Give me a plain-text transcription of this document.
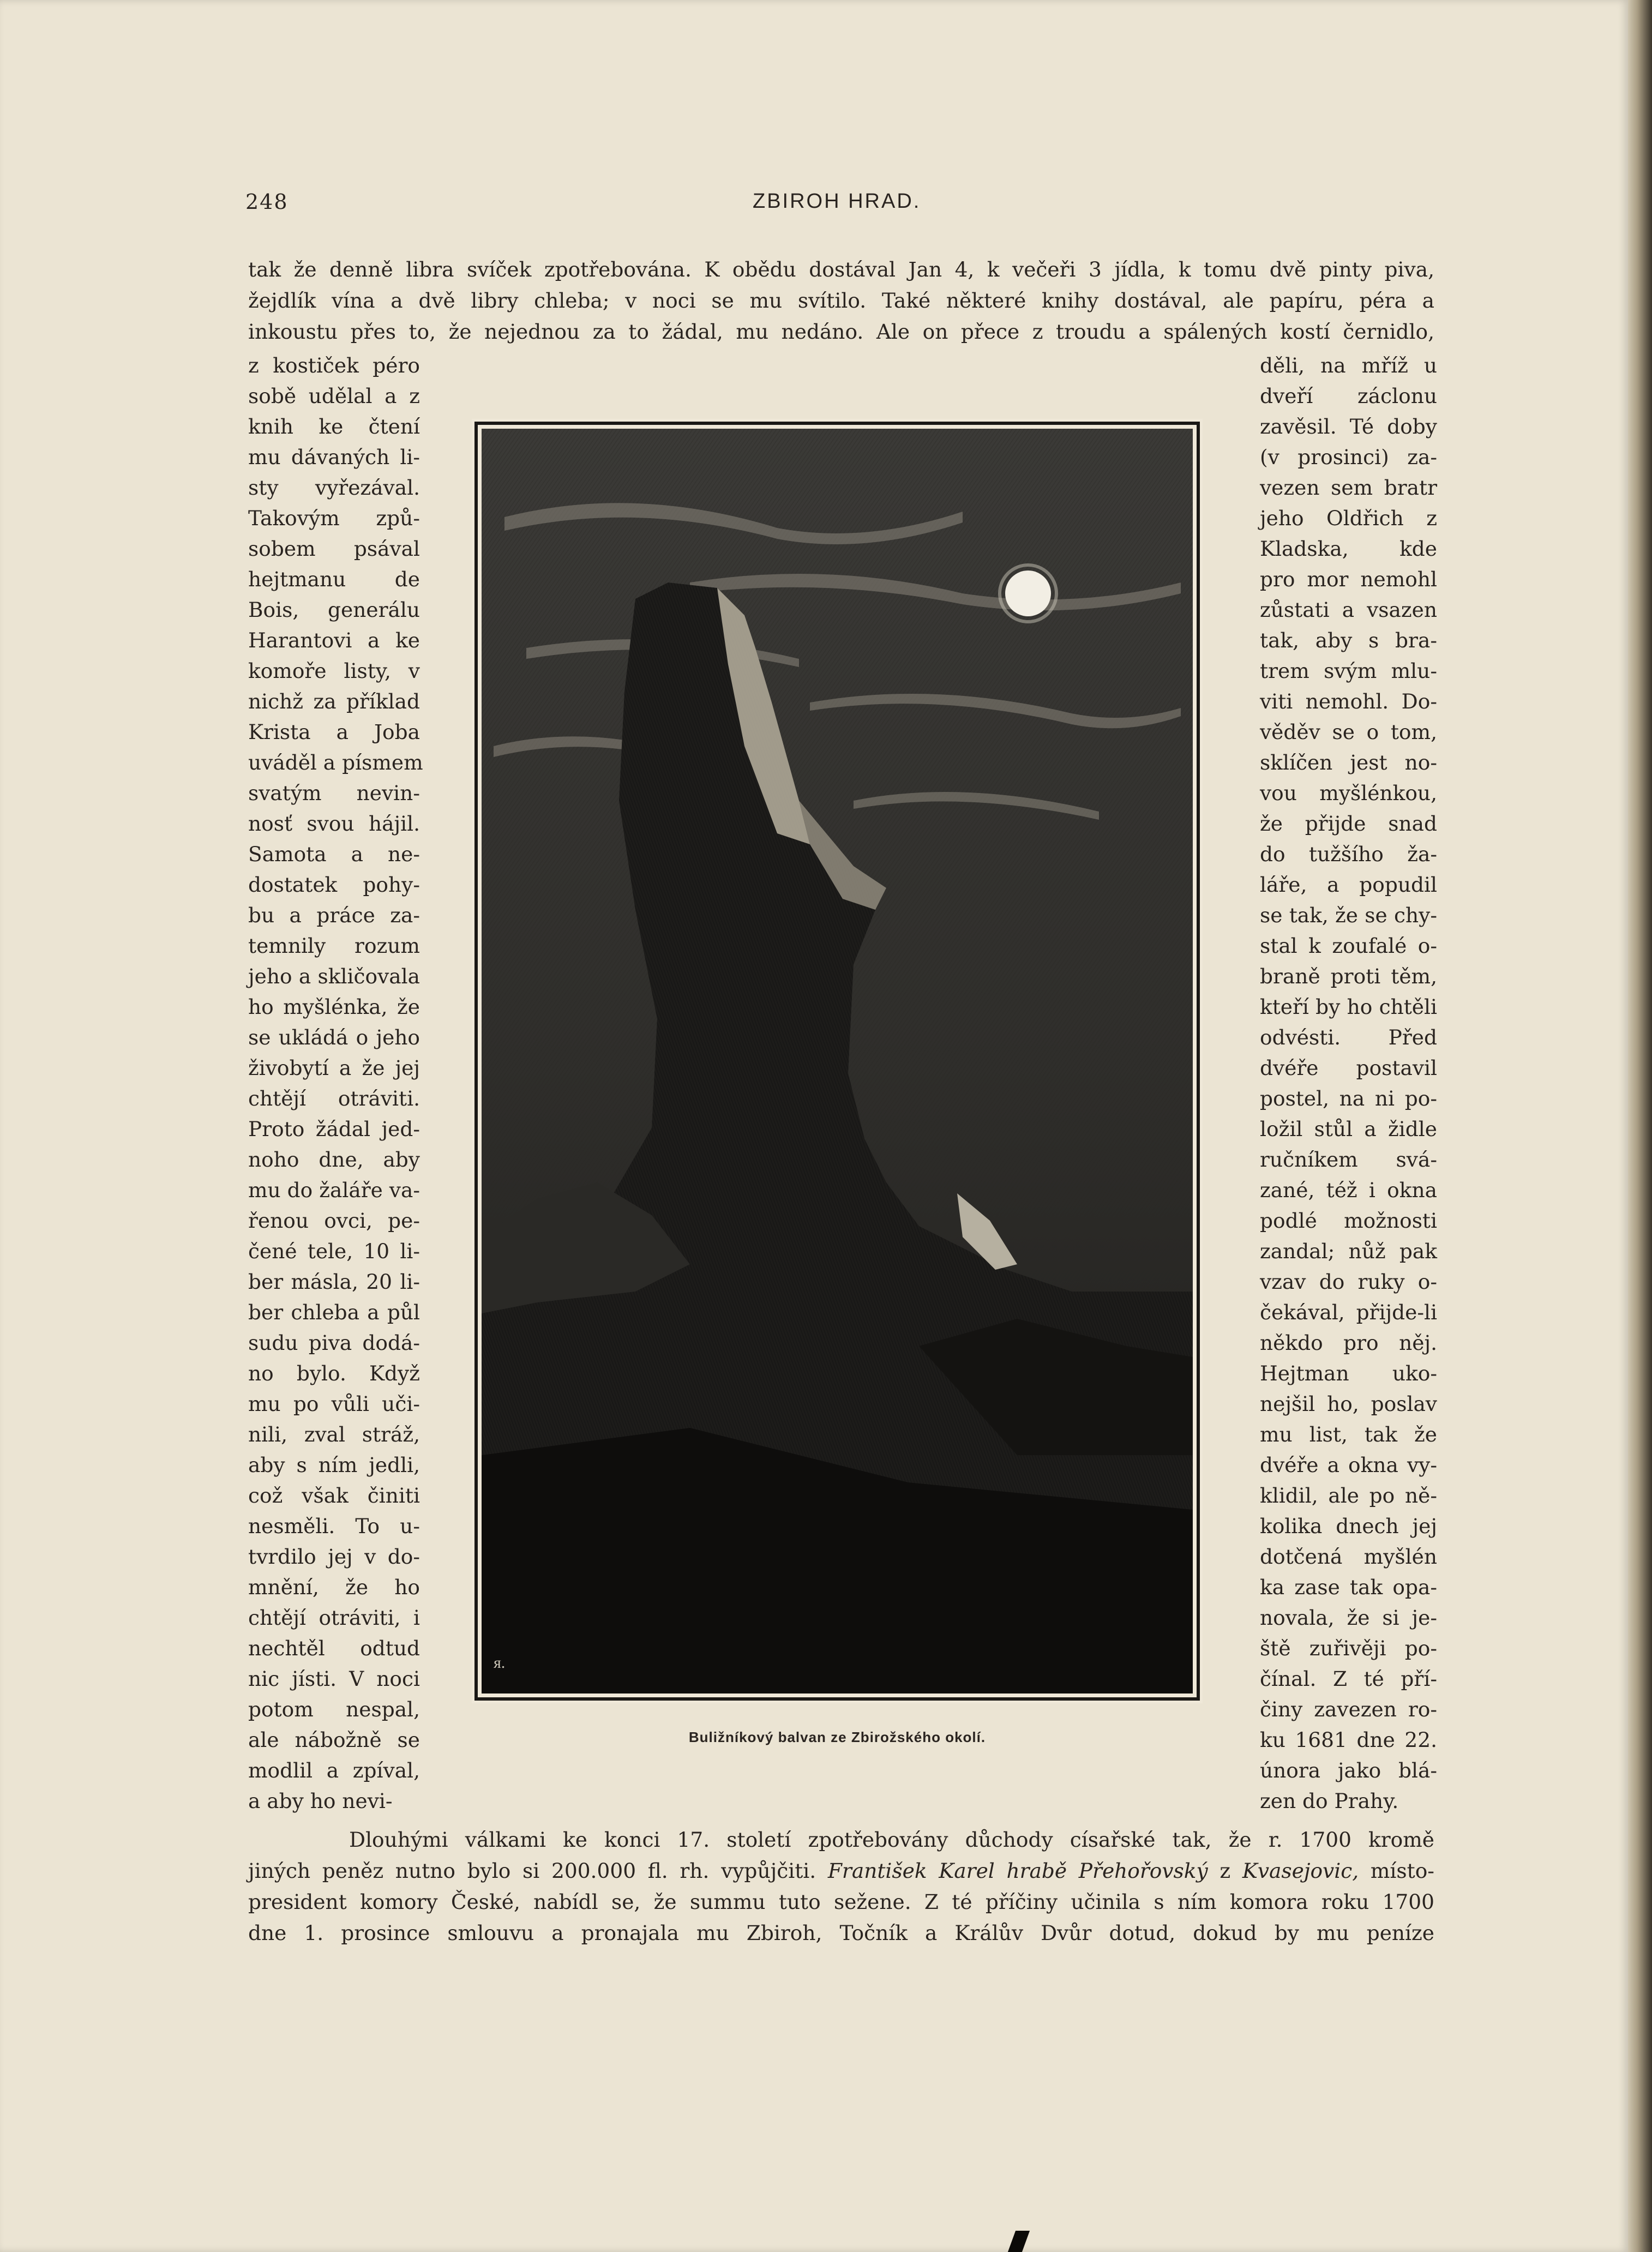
248	ZBIROH HRAD.
tak že denně libra svíček zpotřebována. K obědu dostával Jan 4, k večeři 3 jídla, k tomu dvě pinty piva,
žejdlík vína a dvě libry chleba; v noci se mu svítilo. Také některé knihy dostával, ale papíru, péra a
inkoustu přes to, že nejednou za to žádal, mu nedáno. Ale on přece z troudu a spálených kostí černidlo,
z kostiček péro
sobě udělal a z
knih ke čtení
mu dávaných li-
sty vyřezával.
Takovým způ-
sobem psával
hejtmanu de
Bois, generálu
Harantovi a ke
komoře listy, v
nichž za příklad
Krista a Joba
uváděl a písmem
svatým nevin-
nosť svou hájil.
Samota a ne-
dostatek pohy-
bu a práce za-
temnily rozum
jeho a skličovala
ho myšlénka, že
se ukládá o jeho
živobytí a že jej
chtějí otráviti.
Proto žádal jed-
noho dne, aby
mu do žaláře va-
řenou ovci, pe-
čené tele, 10 li-
ber másla, 20 li-
ber chleba a půl
sudu piva dodá-
no bylo. Když
mu po vůli uči-
nili, zval stráž,
aby s ním jedli,
což však činiti
nesměli. To u-
tvrdilo jej v do-
mnění, že ho
chtějí otráviti, i
nechtěl odtud
nic jísti. V noci
potom nespal,
ale nábožně se
modlil a zpíval,
a aby ho nevi-
děli, na mříž u
dveří záclonu
zavěsil. Té doby
(v prosinci) za-
vezen sem bratr
jeho Oldřich z
Kladska, kde
pro mor nemohl
zůstati a vsazen
tak, aby s bra-
trem svým mlu-
viti nemohl. Do-
věděv se o tom,
sklíčen jest no-
vou myšlénkou,
že přijde snad
do tužšího ža-
láře, a popudil
se tak, že se chy-
stal k zoufalé o-
braně proti těm,
kteří by ho chtěli
odvésti. Před
dvéře postavil
postel, na ni po-
ložil stůl a židle
ručníkem svá-
zané, též i okna
podlé možnosti
zandal; nůž pak
vzav do ruky o-
čekával, přijde-li
někdo pro něj.
Hejtman uko-
nejšil ho, poslav
mu list, tak že
dvéře a okna vy-
klidil, ale po ně-
kolika dnech jej
dotčená myšlén
ka zase tak opa-
novala, že si je-
ště zuřivěji po-
čínal. Z té pří-
činy zavezen ro-
ku 1681 dne 22.
února jako blá-
zen do Prahy.
ᴙ.
Buližníkový balvan ze Zbirožského okolí.
Dlouhými válkami ke konci 17. století zpotřebovány důchody císařské tak, že r. 1700 kromě
jiných peněz nutno bylo si 200.000 fl. rh. vypůjčiti. František Karel hrabě Přehořovský z Kvasejovic, místo-
president komory České, nabídl se, že summu tuto sežene. Z té příčiny učinila s ním komora roku 1700
dne 1. prosince smlouvu a pronajala mu Zbiroh, Točník a Králův Dvůr dotud, dokud by mu peníze
